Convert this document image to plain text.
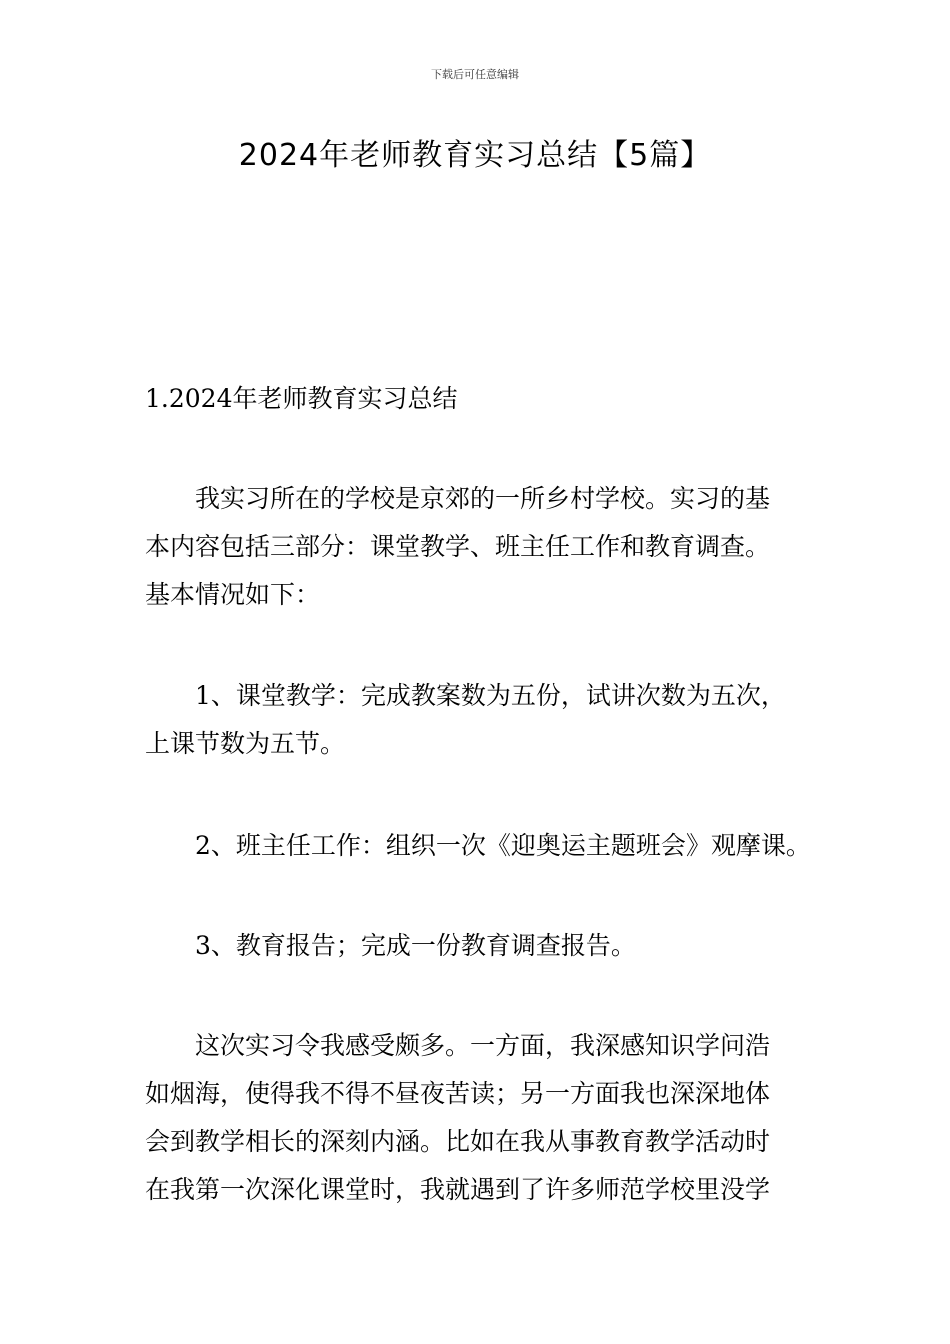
下载后可任意编辑
2024年老师教育实习总结【5篇】

1.2024年老师教育实习总结

我实习所在的学校是京郊的一所乡村学校。实习的基
本内容包括三部分：课堂教学、班主任工作和教育调查。
基本情况如下：

1、课堂教学：完成教案数为五份，试讲次数为五次，
上课节数为五节。

2、班主任工作：组织一次《迎奥运主题班会》观摩课。

3、教育报告；完成一份教育调查报告。

这次实习令我感受颇多。一方面，我深感知识学问浩
如烟海，使得我不得不昼夜苦读；另一方面我也深深地体
会到教学相长的深刻内涵。比如在我从事教育教学活动时
在我第一次深化课堂时，我就遇到了许多师范学校里没学
